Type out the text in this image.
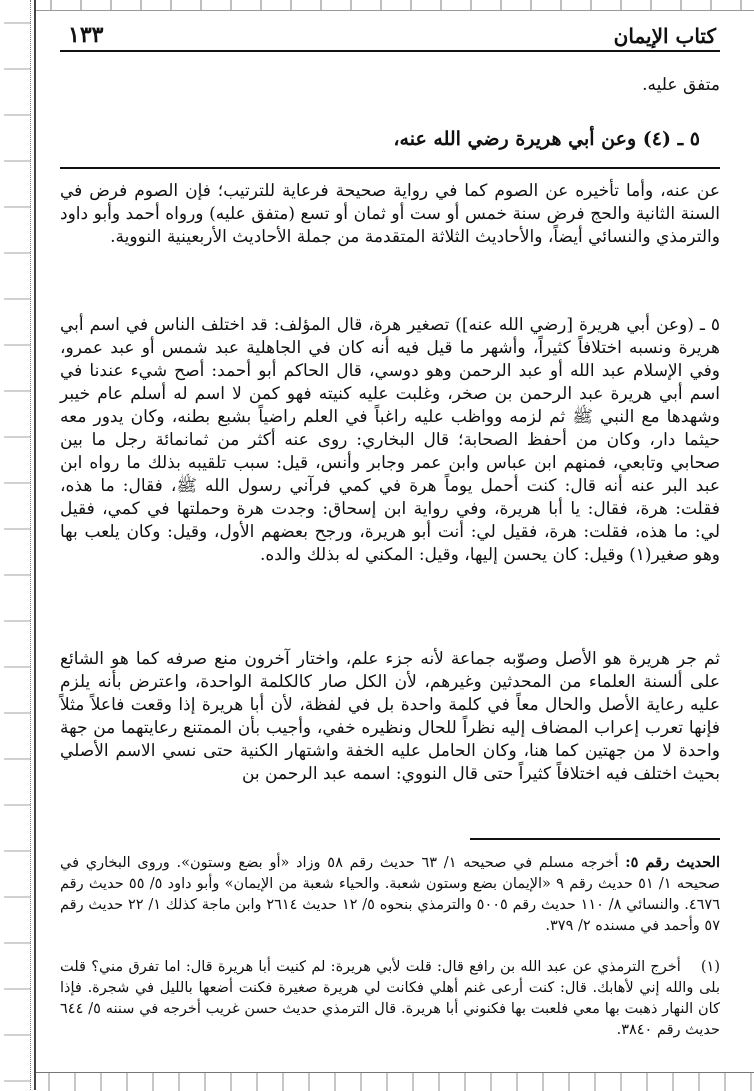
كتاب الإيمان
١٣٣
متفق عليه.
٥ ـ (٤) وعن أبي هريرة رضي الله عنه،
عن عنه، وأما تأخيره عن الصوم كما في رواية صحيحة فرعاية للترتيب؛ فإن الصوم فرض في السنة الثانية والحج فرض سنة خمس أو ست أو ثمان أو تسع (متفق عليه) ورواه أحمد وأبو داود والترمذي والنسائي أيضاً، والأحاديث الثلاثة المتقدمة من جملة الأحاديث الأربعينية النووية.
٥ ـ (وعن أبي هريرة [رضي الله عنه]) تصغير هرة، قال المؤلف: قد اختلف الناس في اسم أبي هريرة ونسبه اختلافاً كثيراً، وأشهر ما قيل فيه أنه كان في الجاهلية عبد شمس أو عبد عمرو، وفي الإسلام عبد الله أو عبد الرحمن وهو دوسي، قال الحاكم أبو أحمد: أصح شيء عندنا في اسم أبي هريرة عبد الرحمن بن صخر، وغلبت عليه كنيته فهو كمن لا اسم له أسلم عام خيبر وشهدها مع النبي ﷺ ثم لزمه وواظب عليه راغباً في العلم راضياً بشبع بطنه، وكان يدور معه حيثما دار، وكان من أحفظ الصحابة؛ قال البخاري: روى عنه أكثر من ثمانمائة رجل ما بين صحابي وتابعي، فمنهم ابن عباس وابن عمر وجابر وأنس، قيل: سبب تلقيبه بذلك ما رواه ابن عبد البر عنه أنه قال: كنت أحمل يوماً هرة في كمي فرآني رسول الله ﷺ، فقال: ما هذه، فقلت: هرة، فقال: يا أبا هريرة، وفي رواية ابن إسحاق: وجدت هرة وحملتها في كمي، فقيل لي: ما هذه، فقلت: هرة، فقيل لي: أنت أبو هريرة، ورجح بعضهم الأول، وقيل: وكان يلعب بها وهو صغير(١) وقيل: كان يحسن إليها، وقيل: المكني له بذلك والده.
ثم جر هريرة هو الأصل وصوّبه جماعة لأنه جزء علم، واختار آخرون منع صرفه كما هو الشائع على ألسنة العلماء من المحدثين وغيرهم، لأن الكل صار كالكلمة الواحدة، واعترض بأنه يلزم عليه رعاية الأصل والحال معاً في كلمة واحدة بل في لفظة، لأن أبا هريرة إذا وقعت فاعلاً مثلاً فإنها تعرب إعراب المضاف إليه نظراً للحال ونظيره خفي، وأجيب بأن الممتنع رعايتهما من جهة واحدة لا من جهتين كما هنا، وكان الحامل عليه الخفة واشتهار الكنية حتى نسي الاسم الأصلي بحيث اختلف فيه اختلافاً كثيراً حتى قال النووي: اسمه عبد الرحمن بن
الحديث رقم ٥: أخرجه مسلم في صحيحه ١/ ٦٣ حديث رقم ٥٨ وزاد «أو بضع وستون». وروى البخاري في صحيحه ١/ ٥١ حديث رقم ٩ «الإيمان بضع وستون شعبة. والحياء شعبة من الإيمان» وأبو داود ٥/ ٥٥ حديث رقم ٤٦٧٦. والنسائي ٨/ ١١٠ حديث رقم ٥٠٠٥ والترمذي بنحوه ٥/ ١٢ حديث ٢٦١٤ وابن ماجة كذلك ١/ ٢٢ حديث رقم ٥٧ وأحمد في مسنده ٢/ ٣٧٩.
(١) أخرج الترمذي عن عبد الله بن رافع قال: قلت لأبي هريرة: لم كنيت أبا هريرة قال: اما تفرق مني؟ قلت بلى والله إني لأهابك. قال: كنت أرعى غنم أهلي فكانت لي هريرة صغيرة فكنت أضعها بالليل في شجرة. فإذا كان النهار ذهبت بها معي فلعبت بها فكنوني أبا هريرة. قال الترمذي حديث حسن غريب أخرجه في سننه ٥/ ٦٤٤ حديث رقم ٣٨٤٠.
